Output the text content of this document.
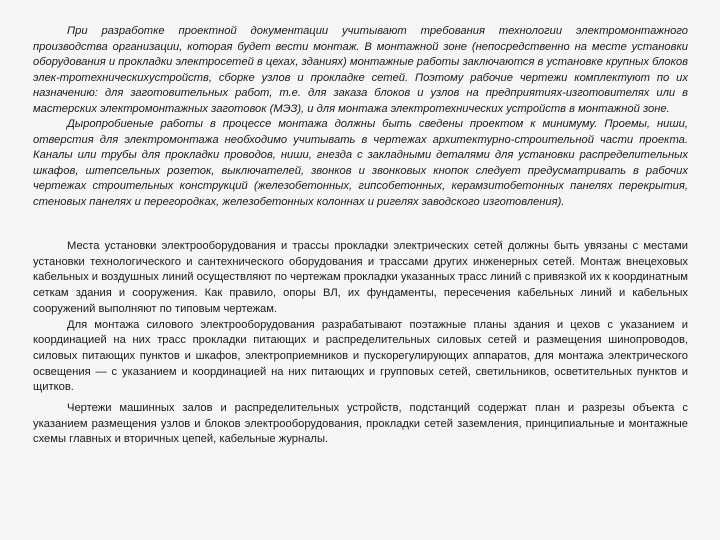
При разработке проектной документации учитывают требования технологии электромонтажного производства организации, которая будет вести монтаж. В монтажной зоне (непосредственно на месте установки оборудования и прокладки электросетей в цехах, зданиях) монтажные работы заключаются в установке крупных блоков элек-тротехническихустройств, сборке узлов и прокладке сетей. Поэтому рабочие чертежи комплектуют по их назначению: для заготовительных работ, т.е. для заказа блоков и узлов на предприятиях-изготовителях или в мастерских электромонтажных заготовок (МЭЗ), и для монтажа электротехнических устройств в монтажной зоне.

Дыропробиеные работы в процессе монтажа должны быть сведены проектом к минимуму. Проемы, ниши, отверстия для электромонтажа необходимо учитывать в чертежах архитектурно-строительной части проекта. Каналы или трубы для прокладки проводов, ниши, гнезда с закладными деталями для установки распределительных шкафов, штепсельных розеток, выключателей, звонков и звонковых кнопок следует предусматривать в рабочих чертежах строительных конструкций (железобетонных, гипсобетонных, керамзитобетонных панелях перекрытия, стеновых панелях и перегородках, железобетонных колоннах и ригелях заводского изготовления).

Места установки электрооборудования и трассы прокладки электрических сетей должны быть увязаны с местами установки технологического и сантехнического оборудования и трассами других инженерных сетей. Монтаж внецеховых кабельных и воздушных линий осуществляют по чертежам прокладки указанных трасс линий с привязкой их к координатным сеткам здания и сооружения. Как правило, опоры ВЛ, их фундаменты, пересечения кабельных линий и кабельных сооружений выполняют по типовым чертежам.

Для монтажа силового электрооборудования разрабатывают поэтажные планы здания и цехов с указанием и координацией на них трасс прокладки питающих и распределительных силовых сетей и размещения шинопроводов, силовых питающих пунктов и шкафов, электроприемников и пускорегулирующих аппаратов, для монтажа электрического освещения — с указанием и координацией на них питающих и групповых сетей, светильников, осветительных пунктов и щитков.

Чертежи машинных залов и распределительных устройств, подстанций содержат план и разрезы объекта с указанием размещения узлов и блоков электрооборудования, прокладки сетей заземления, принципиальные и монтажные схемы главных и вторичных цепей, кабельные журналы.
